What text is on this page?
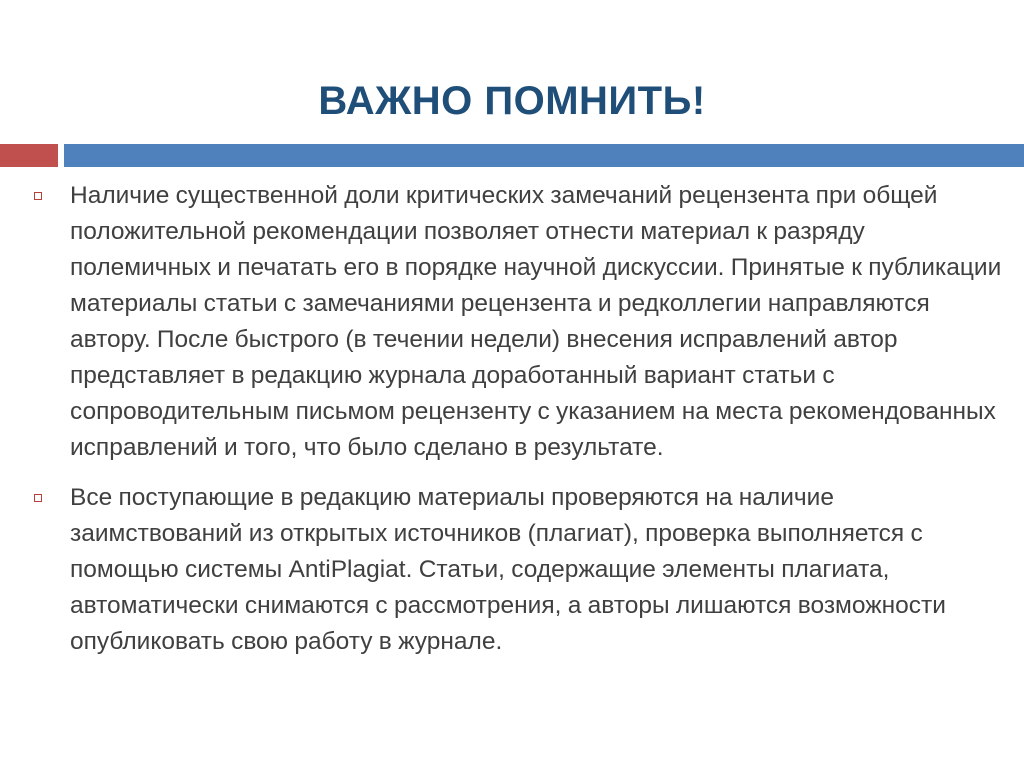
ВАЖНО ПОМНИТЬ!

Наличие существенной доли критических замечаний рецензента при общей положительной рекомендации позволяет отнести материал к разряду полемичных и печатать его в порядке научной дискуссии. Принятые к публикации материалы статьи с замечаниями рецензента и редколлегии направляются автору. После быстрого (в течении недели) внесения исправлений автор представляет в редакцию журнала доработанный вариант статьи с сопроводительным письмом рецензенту с указанием на места рекомендованных исправлений и того, что было сделано в результате.

Все поступающие в редакцию материалы проверяются на наличие заимствований из открытых источников (плагиат), проверка выполняется с помощью системы AntiPlagiat. Статьи, содержащие элементы плагиата, автоматически снимаются с рассмотрения, а авторы лишаются возможности опубликовать свою работу в журнале.
